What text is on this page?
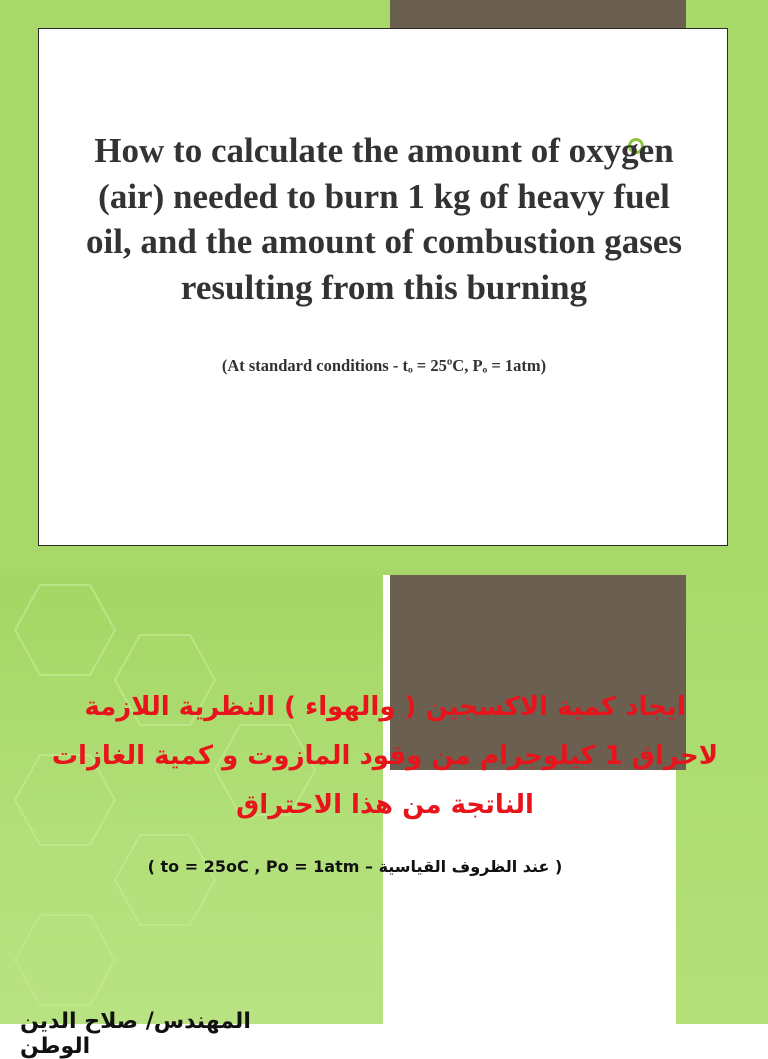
How to calculate the amount of oxygen (air) needed to burn 1 kg of heavy fuel oil, and the amount of combustion gases resulting from this burning

(At standard conditions - tₒ = 25ºC, Pₒ = 1atm)

ايجاد كمية الاكسجين ( والهواء ) النظرية اللازمة لاحراق 1 كيلوجرام من وقود المازوت و كمية الغازات الناتجة من هذا الاحتراق

( to = 25oC , Po = 1atm – عند الظروف القياسية )

المهندس/ صلاح الدين الوطن
